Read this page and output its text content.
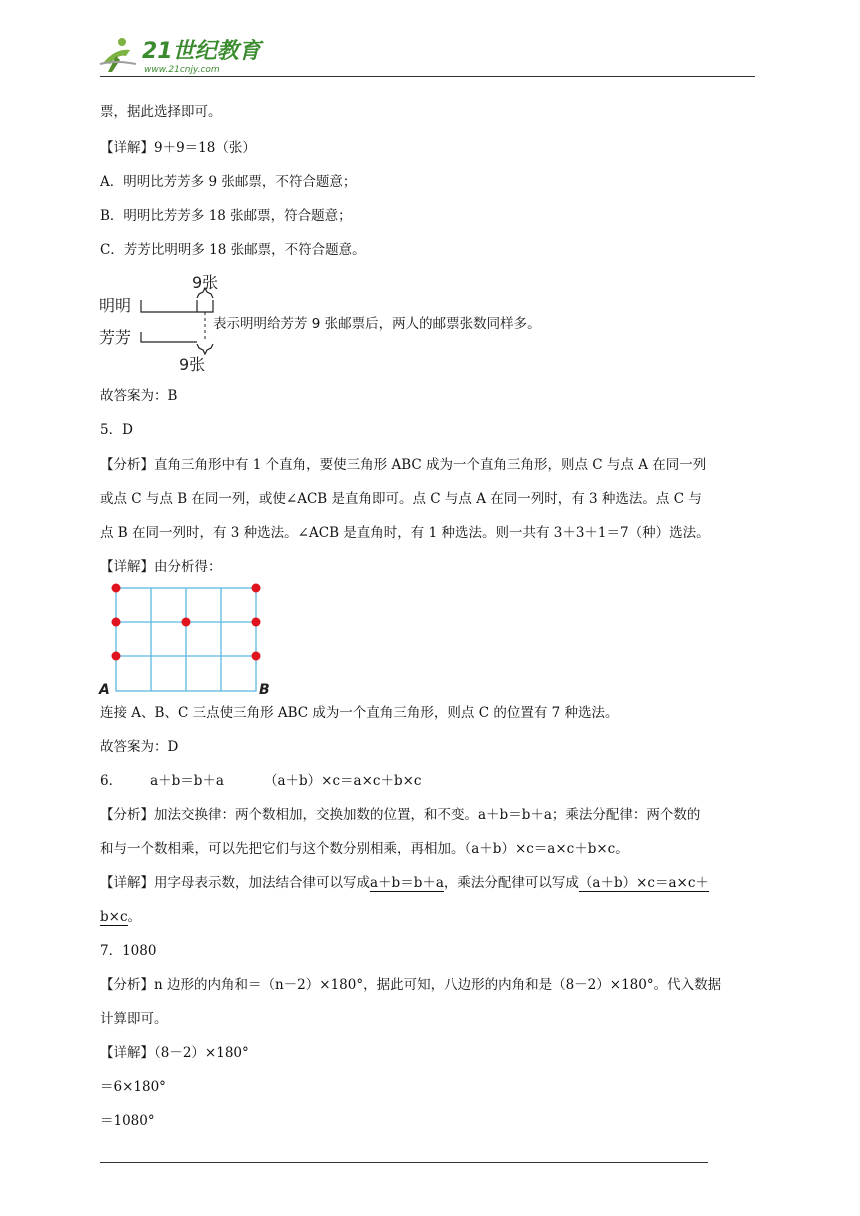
21世纪教育
www.21cnjy.com
票，据此选择即可。
【详解】9＋9＝18（张）
A．明明比芳芳多 9 张邮票，不符合题意；
B．明明比芳芳多 18 张邮票，符合题意；
C．芳芳比明明多 18 张邮票，不符合题意。
9张
明明
表示明明给芳芳 9 张邮票后，两人的邮票张数同样多。
芳芳
9张
故答案为：B
5．D
【分析】直角三角形中有 1 个直角，要使三角形 ABC 成为一个直角三角形，则点 C 与点 A 在同一列
或点 C 与点 B 在同一列，或使∠ACB 是直角即可。点 C 与点 A 在同一列时，有 3 种选法。点 C 与
点 B 在同一列时，有 3 种选法。∠ACB 是直角时，有 1 种选法。则一共有 3＋3＋1＝7（种）选法。
【详解】由分析得：
A	B
连接 A、B、C 三点使三角形 ABC 成为一个直角三角形，则点 C 的位置有 7 种选法。
故答案为：D
6． a＋b＝b＋a	（a＋b）×c＝a×c＋b×c
【分析】加法交换律：两个数相加，交换加数的位置，和不变。a＋b＝b＋a；乘法分配律：两个数的
和与一个数相乘，可以先把它们与这个数分别相乘，再相加。（a＋b）×c＝a×c＋b×c。
【详解】用字母表示数，加法结合律可以写成a＋b＝b＋a，乘法分配律可以写成（a＋b）×c＝a×c＋
b×c。
7．1080
【分析】n 边形的内角和＝（n－2）×180°，据此可知，八边形的内角和是（8－2）×180°。代入数据
计算即可。
【详解】（8－2）×180°
＝6×180°
＝1080°
